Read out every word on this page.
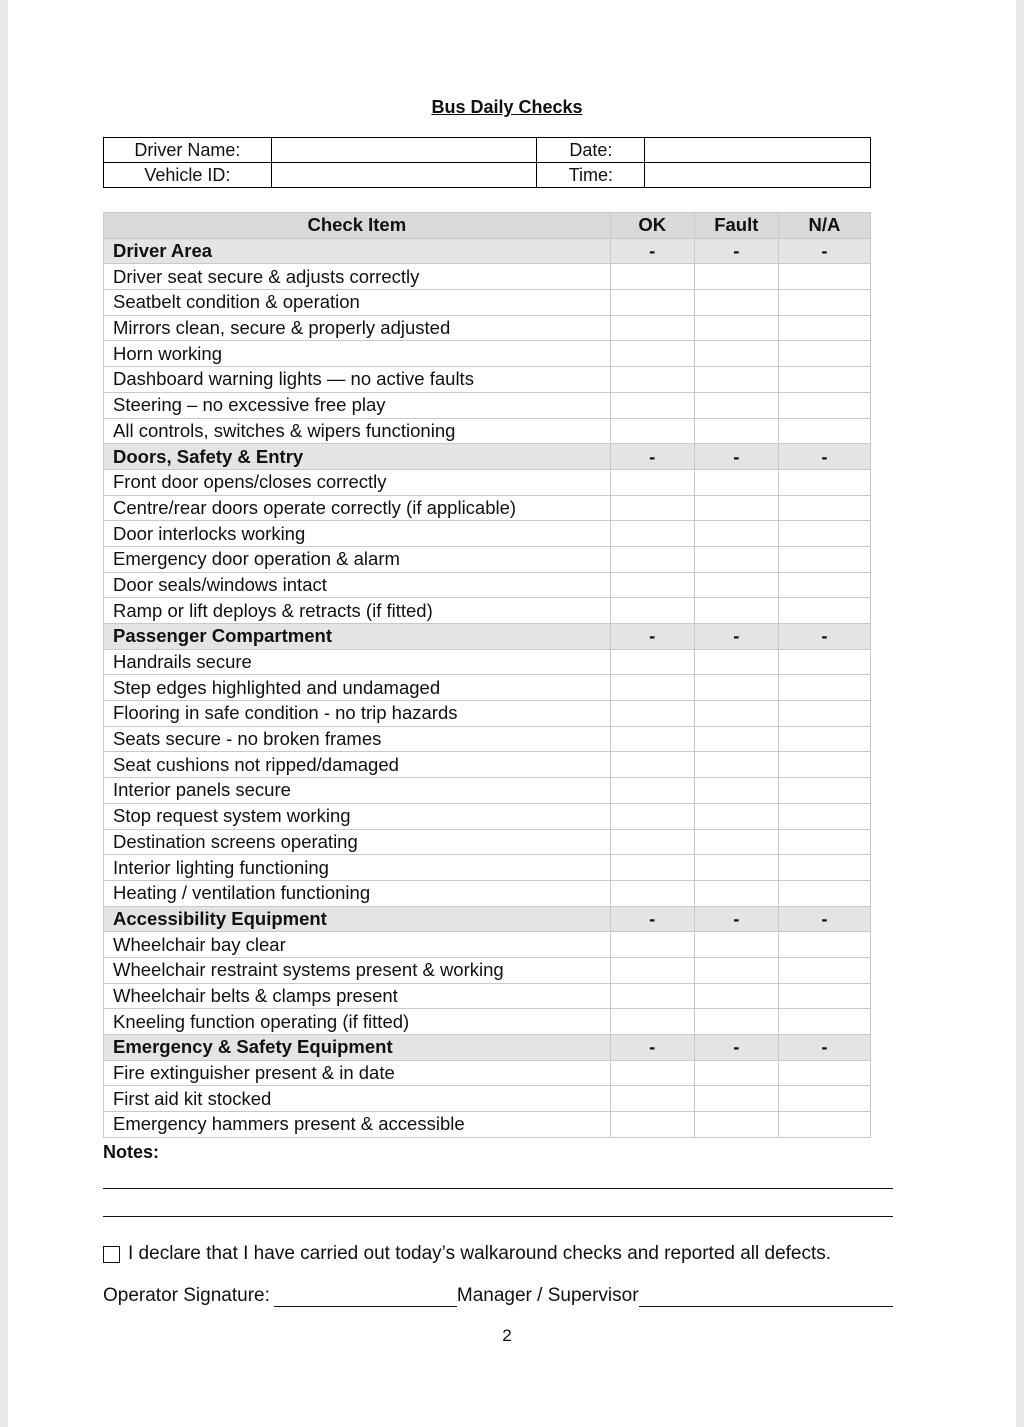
Bus Daily Checks
Driver Name:		Date:	
Vehicle ID:		Time:	
Check Item	OK	Fault	N/A
Driver Area	-	-	-
Driver seat secure & adjusts correctly			
Seatbelt condition & operation			
Mirrors clean, secure & properly adjusted			
Horn working			
Dashboard warning lights — no active faults			
Steering – no excessive free play			
All controls, switches & wipers functioning			
Doors, Safety & Entry	-	-	-
Front door opens/closes correctly			
Centre/rear doors operate correctly (if applicable)			
Door interlocks working			
Emergency door operation & alarm			
Door seals/windows intact			
Ramp or lift deploys & retracts (if fitted)			
Passenger Compartment	-	-	-
Handrails secure			
Step edges highlighted and undamaged			
Flooring in safe condition - no trip hazards			
Seats secure - no broken frames			
Seat cushions not ripped/damaged			
Interior panels secure			
Stop request system working			
Destination screens operating			
Interior lighting functioning			
Heating / ventilation functioning			
Accessibility Equipment	-	-	-
Wheelchair bay clear			
Wheelchair restraint systems present & working			
Wheelchair belts & clamps present			
Kneeling function operating (if fitted)			
Emergency & Safety Equipment	-	-	-
Fire extinguisher present & in date			
First aid kit stocked			
Emergency hammers present & accessible			
Notes:
I declare that I have carried out today’s walkaround checks and reported all defects.
Operator Signature:	Manager / Supervisor
2
